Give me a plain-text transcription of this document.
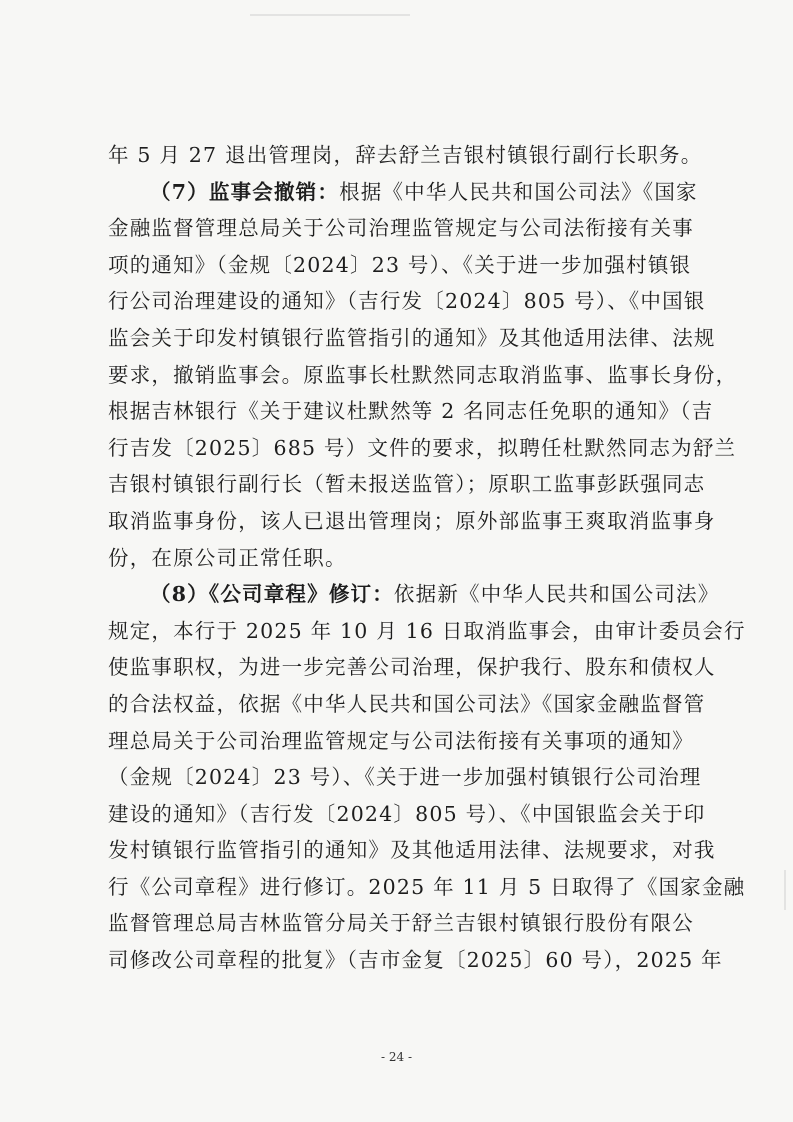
年 5 月 27 退出管理岗，辞去舒兰吉银村镇银行副行长职务。
（7）监事会撤销：根据《中华人民共和国公司法》《国家
金融监督管理总局关于公司治理监管规定与公司法衔接有关事
项的通知》（金规〔2024〕23 号）、《关于进一步加强村镇银
行公司治理建设的通知》（吉行发〔2024〕805 号）、《中国银
监会关于印发村镇银行监管指引的通知》及其他适用法律、法规
要求，撤销监事会。原监事长杜默然同志取消监事、监事长身份，
根据吉林银行《关于建议杜默然等 2 名同志任免职的通知》（吉
行吉发〔2025〕685 号）文件的要求，拟聘任杜默然同志为舒兰
吉银村镇银行副行长（暂未报送监管）；原职工监事彭跃强同志
取消监事身份，该人已退出管理岗；原外部监事王爽取消监事身
份，在原公司正常任职。
（8）《公司章程》修订：依据新《中华人民共和国公司法》
规定，本行于 2025 年 10 月 16 日取消监事会，由审计委员会行
使监事职权，为进一步完善公司治理，保护我行、股东和债权人
的合法权益，依据《中华人民共和国公司法》《国家金融监督管
理总局关于公司治理监管规定与公司法衔接有关事项的通知》
（金规〔2024〕23 号）、《关于进一步加强村镇银行公司治理
建设的通知》（吉行发〔2024〕805 号）、《中国银监会关于印
发村镇银行监管指引的通知》及其他适用法律、法规要求，对我
行《公司章程》进行修订。2025 年 11 月 5 日取得了《国家金融
监督管理总局吉林监管分局关于舒兰吉银村镇银行股份有限公
司修改公司章程的批复》（吉市金复〔2025〕60 号），2025 年
- 24 -
